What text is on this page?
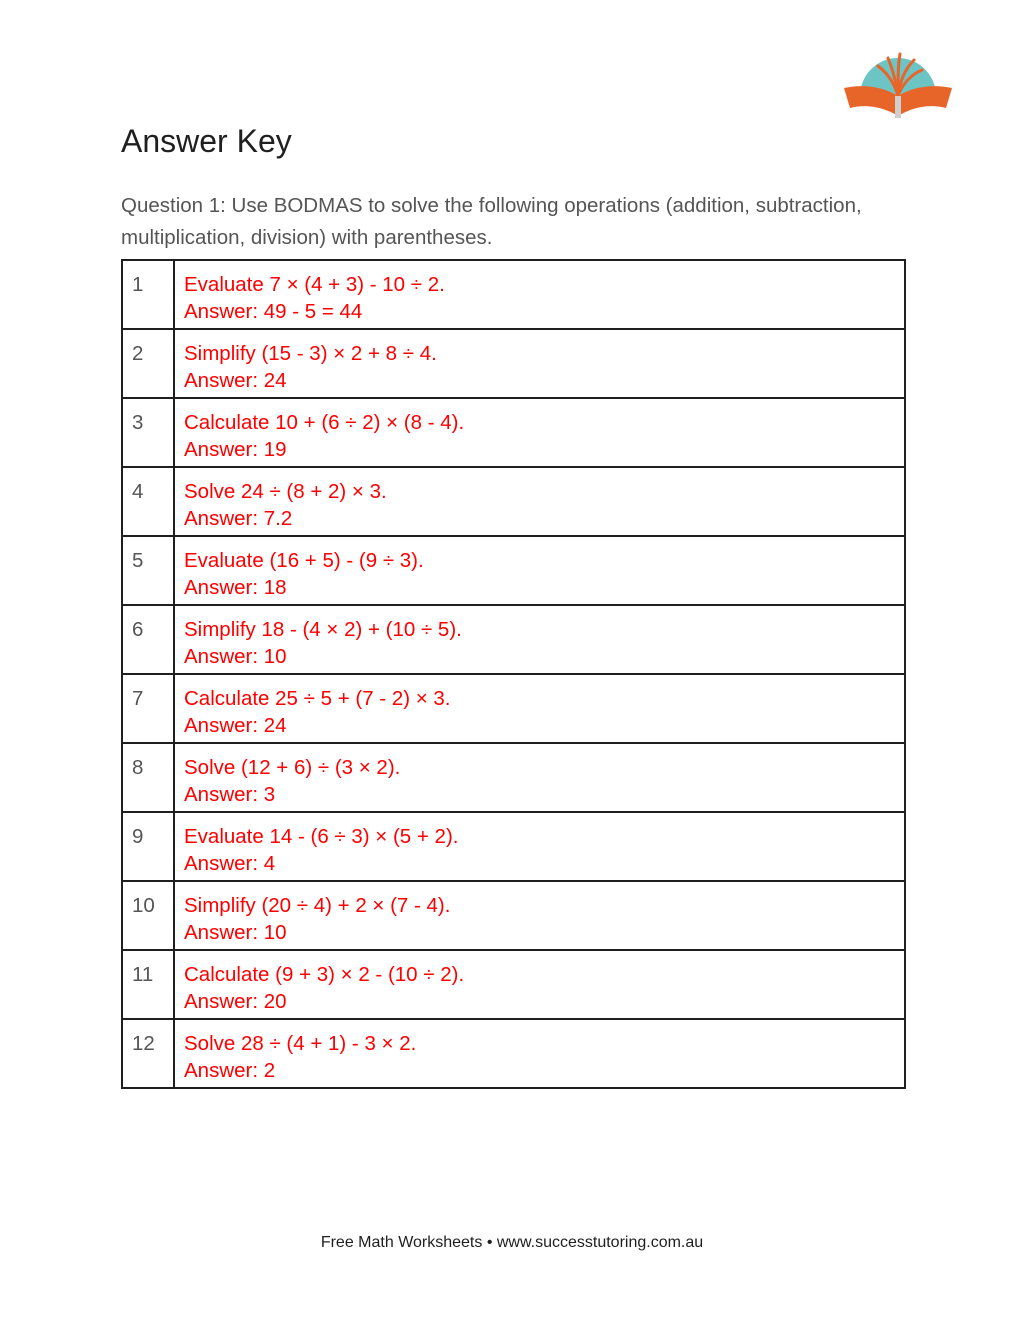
Answer Key

Question 1: Use BODMAS to solve the following operations (addition, subtraction, multiplication, division) with parentheses.

1	Evaluate 7 × (4 + 3) - 10 ÷ 2.
Answer: 49 - 5 = 44

2	Simplify (15 - 3) × 2 + 8 ÷ 4.
Answer: 24

3	Calculate 10 + (6 ÷ 2) × (8 - 4).
Answer: 19

4	Solve 24 ÷ (8 + 2) × 3.
Answer: 7.2

5	Evaluate (16 + 5) - (9 ÷ 3).
Answer: 18

6	Simplify 18 - (4 × 2) + (10 ÷ 5).
Answer: 10

7	Calculate 25 ÷ 5 + (7 - 2) × 3.
Answer: 24

8	Solve (12 + 6) ÷ (3 × 2).
Answer: 3

9	Evaluate 14 - (6 ÷ 3) × (5 + 2).
Answer: 4

10	Simplify (20 ÷ 4) + 2 × (7 - 4).
Answer: 10

11	Calculate (9 + 3) × 2 - (10 ÷ 2).
Answer: 20

12	Solve 28 ÷ (4 + 1) - 3 × 2.
Answer: 2
Free Math Worksheets • www.successtutoring.com.au
